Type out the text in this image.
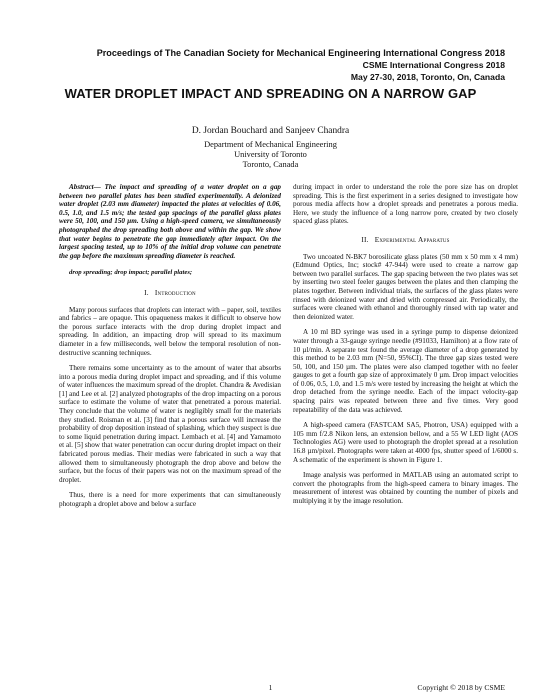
Proceedings of The Canadian Society for Mechanical Engineering International Congress 2018
CSME International Congress 2018
May 27-30, 2018, Toronto, On, Canada
WATER DROPLET IMPACT AND SPREADING ON A NARROW GAP
D. Jordan Bouchard and Sanjeev Chandra
Department of Mechanical Engineering
University of Toronto
Toronto, Canada

Abstract— The impact and spreading of a water droplet on a gap between two parallel plates has been studied experimentally. A deionized water droplet (2.03 mm diameter) impacted the plates at velocities of 0.06, 0.5, 1.0, and 1.5 m/s; the tested gap spacings of the parallel glass plates were 50, 100, and 150 µm. Using a high-speed camera, we simultaneously photographed the drop spreading both above and within the gap. We show that water begins to penetrate the gap immediately after impact. On the largest spacing tested, up to 10% of the initial drop volume can penetrate the gap before the maximum spreading diameter is reached.

drop spreading; drop impact; parallel plates;
I. Introduction

Many porous surfaces that droplets can interact with – paper, soil, textiles and fabrics – are opaque. This opaqueness makes it difficult to observe how the porous surface interacts with the drop during droplet impact and spreading. In addition, an impacting drop will spread to its maximum diameter in a few milliseconds, well below the temporal resolution of non-destructive scanning techniques.

There remains some uncertainty as to the amount of water that absorbs into a porous media during droplet impact and spreading, and if this volume of water influences the maximum spread of the droplet. Chandra & Avedisian [1] and Lee et al. [2] analyzed photographs of the drop impacting on a porous surface to estimate the volume of water that penetrated a porous material. They conclude that the volume of water is negligibly small for the materials they studied. Roisman et al. [3] find that a porous surface will increase the probability of drop deposition instead of splashing, which they suspect is due to some liquid penetration during impact. Lembach et al. [4] and Yamamoto et al. [5] show that water penetration can occur during droplet impact on their fabricated porous medias. Their medias were fabricated in such a way that allowed them to simultaneously photograph the drop above and below the surface, but the focus of their papers was not on the maximum spread of the droplet.

Thus, there is a need for more experiments that can simultaneously photograph a droplet above and below a surface

during impact in order to understand the role the pore size has on droplet spreading. This is the first experiment in a series designed to investigate how porous media affects how a droplet spreads and penetrates a porous media. Here, we study the influence of a long narrow pore, created by two closely spaced glass plates.

II. Experimental Apparatus

Two uncoated N-BK7 borosilicate glass plates (50 mm x 50 mm x 4 mm) (Edmund Optics, Inc; stock# 47-944) were used to create a narrow gap between two parallel surfaces. The gap spacing between the two plates was set by inserting two steel feeler gauges between the plates and then clamping the plates together. Between individual trials, the surfaces of the glass plates were rinsed with deionized water and dried with compressed air. Periodically, the surfaces were cleaned with ethanol and thoroughly rinsed with tap water and then deionized water.

A 10 ml BD syringe was used in a syringe pump to dispense deionized water through a 33-gauge syringe needle (#91033, Hamilton) at a flow rate of 10 µl/min. A separate test found the average diameter of a drop generated by this method to be 2.03 mm (N=50, 95%CI). The three gap sizes tested were 50, 100, and 150 µm. The plates were also clamped together with no feeler gauges to get a fourth gap size of approximately 0 µm. Drop impact velocities of 0.06, 0.5, 1.0, and 1.5 m/s were tested by increasing the height at which the drop detached from the syringe needle. Each of the impact velocity-gap spacing pairs was repeated between three and five times. Very good repeatability of the data was achieved.

A high-speed camera (FASTCAM SA5, Photron, USA) equipped with a 105 mm f/2.8 Nikon lens, an extension bellow, and a 55 W LED light (AOS Technologies AG) were used to photograph the droplet spread at a resolution 16.8 µm/pixel. Photographs were taken at 4000 fps, shutter speed of 1/6000 s. A schematic of the experiment is shown in Figure 1.

Image analysis was performed in MATLAB using an automated script to convert the photographs from the high-speed camera to binary images. The measurement of interest was obtained by counting the number of pixels and multiplying it by the image resolution.

1	Copyright © 2018 by CSME
